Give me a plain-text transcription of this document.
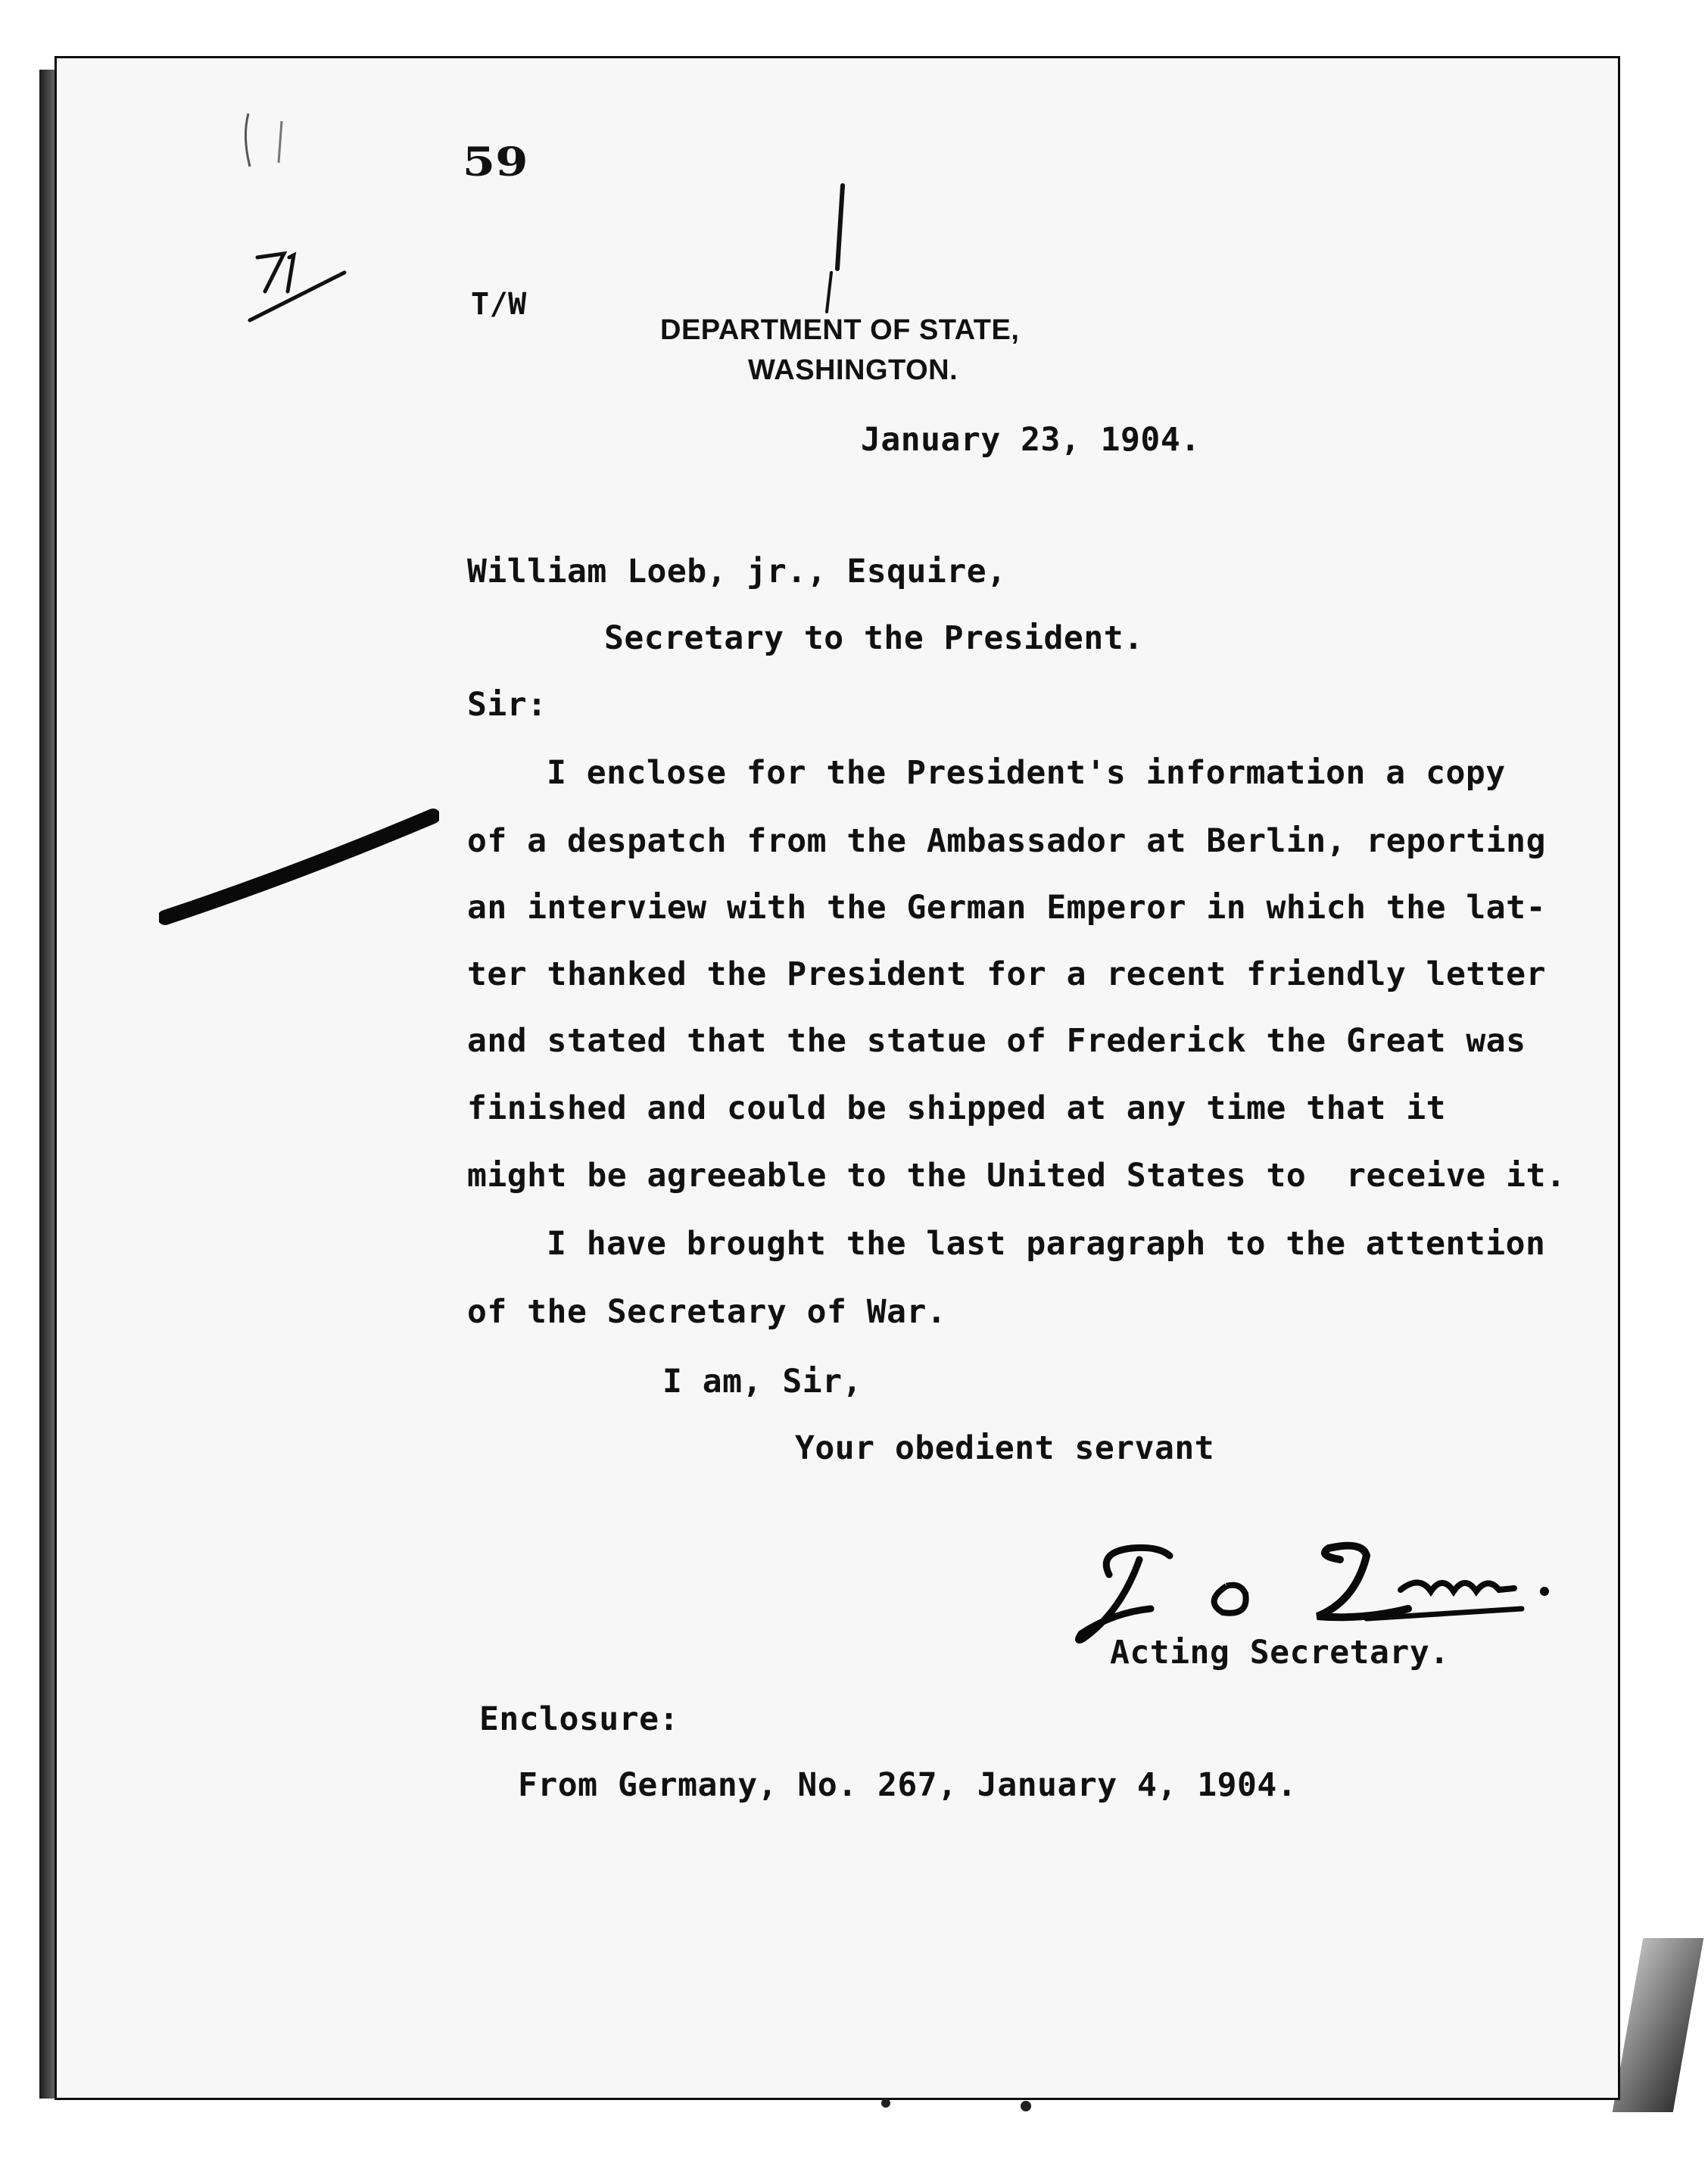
59
T/W
DEPARTMENT OF STATE,
WASHINGTON.
January 23, 1904.
William Loeb, jr., Esquire,
Secretary to the President.
Sir:
I enclose for the President's information a copy
of a despatch from the Ambassador at Berlin, reporting
an interview with the German Emperor in which the lat-
ter thanked the President for a recent friendly letter
and stated that the statue of Frederick the Great was
finished and could be shipped at any time that it
might be agreeable to the United States to  receive it.
I have brought the last paragraph to the attention
of the Secretary of War.
I am, Sir,
Your obedient servant
Acting Secretary.
Enclosure:
From Germany, No. 267, January 4, 1904.
